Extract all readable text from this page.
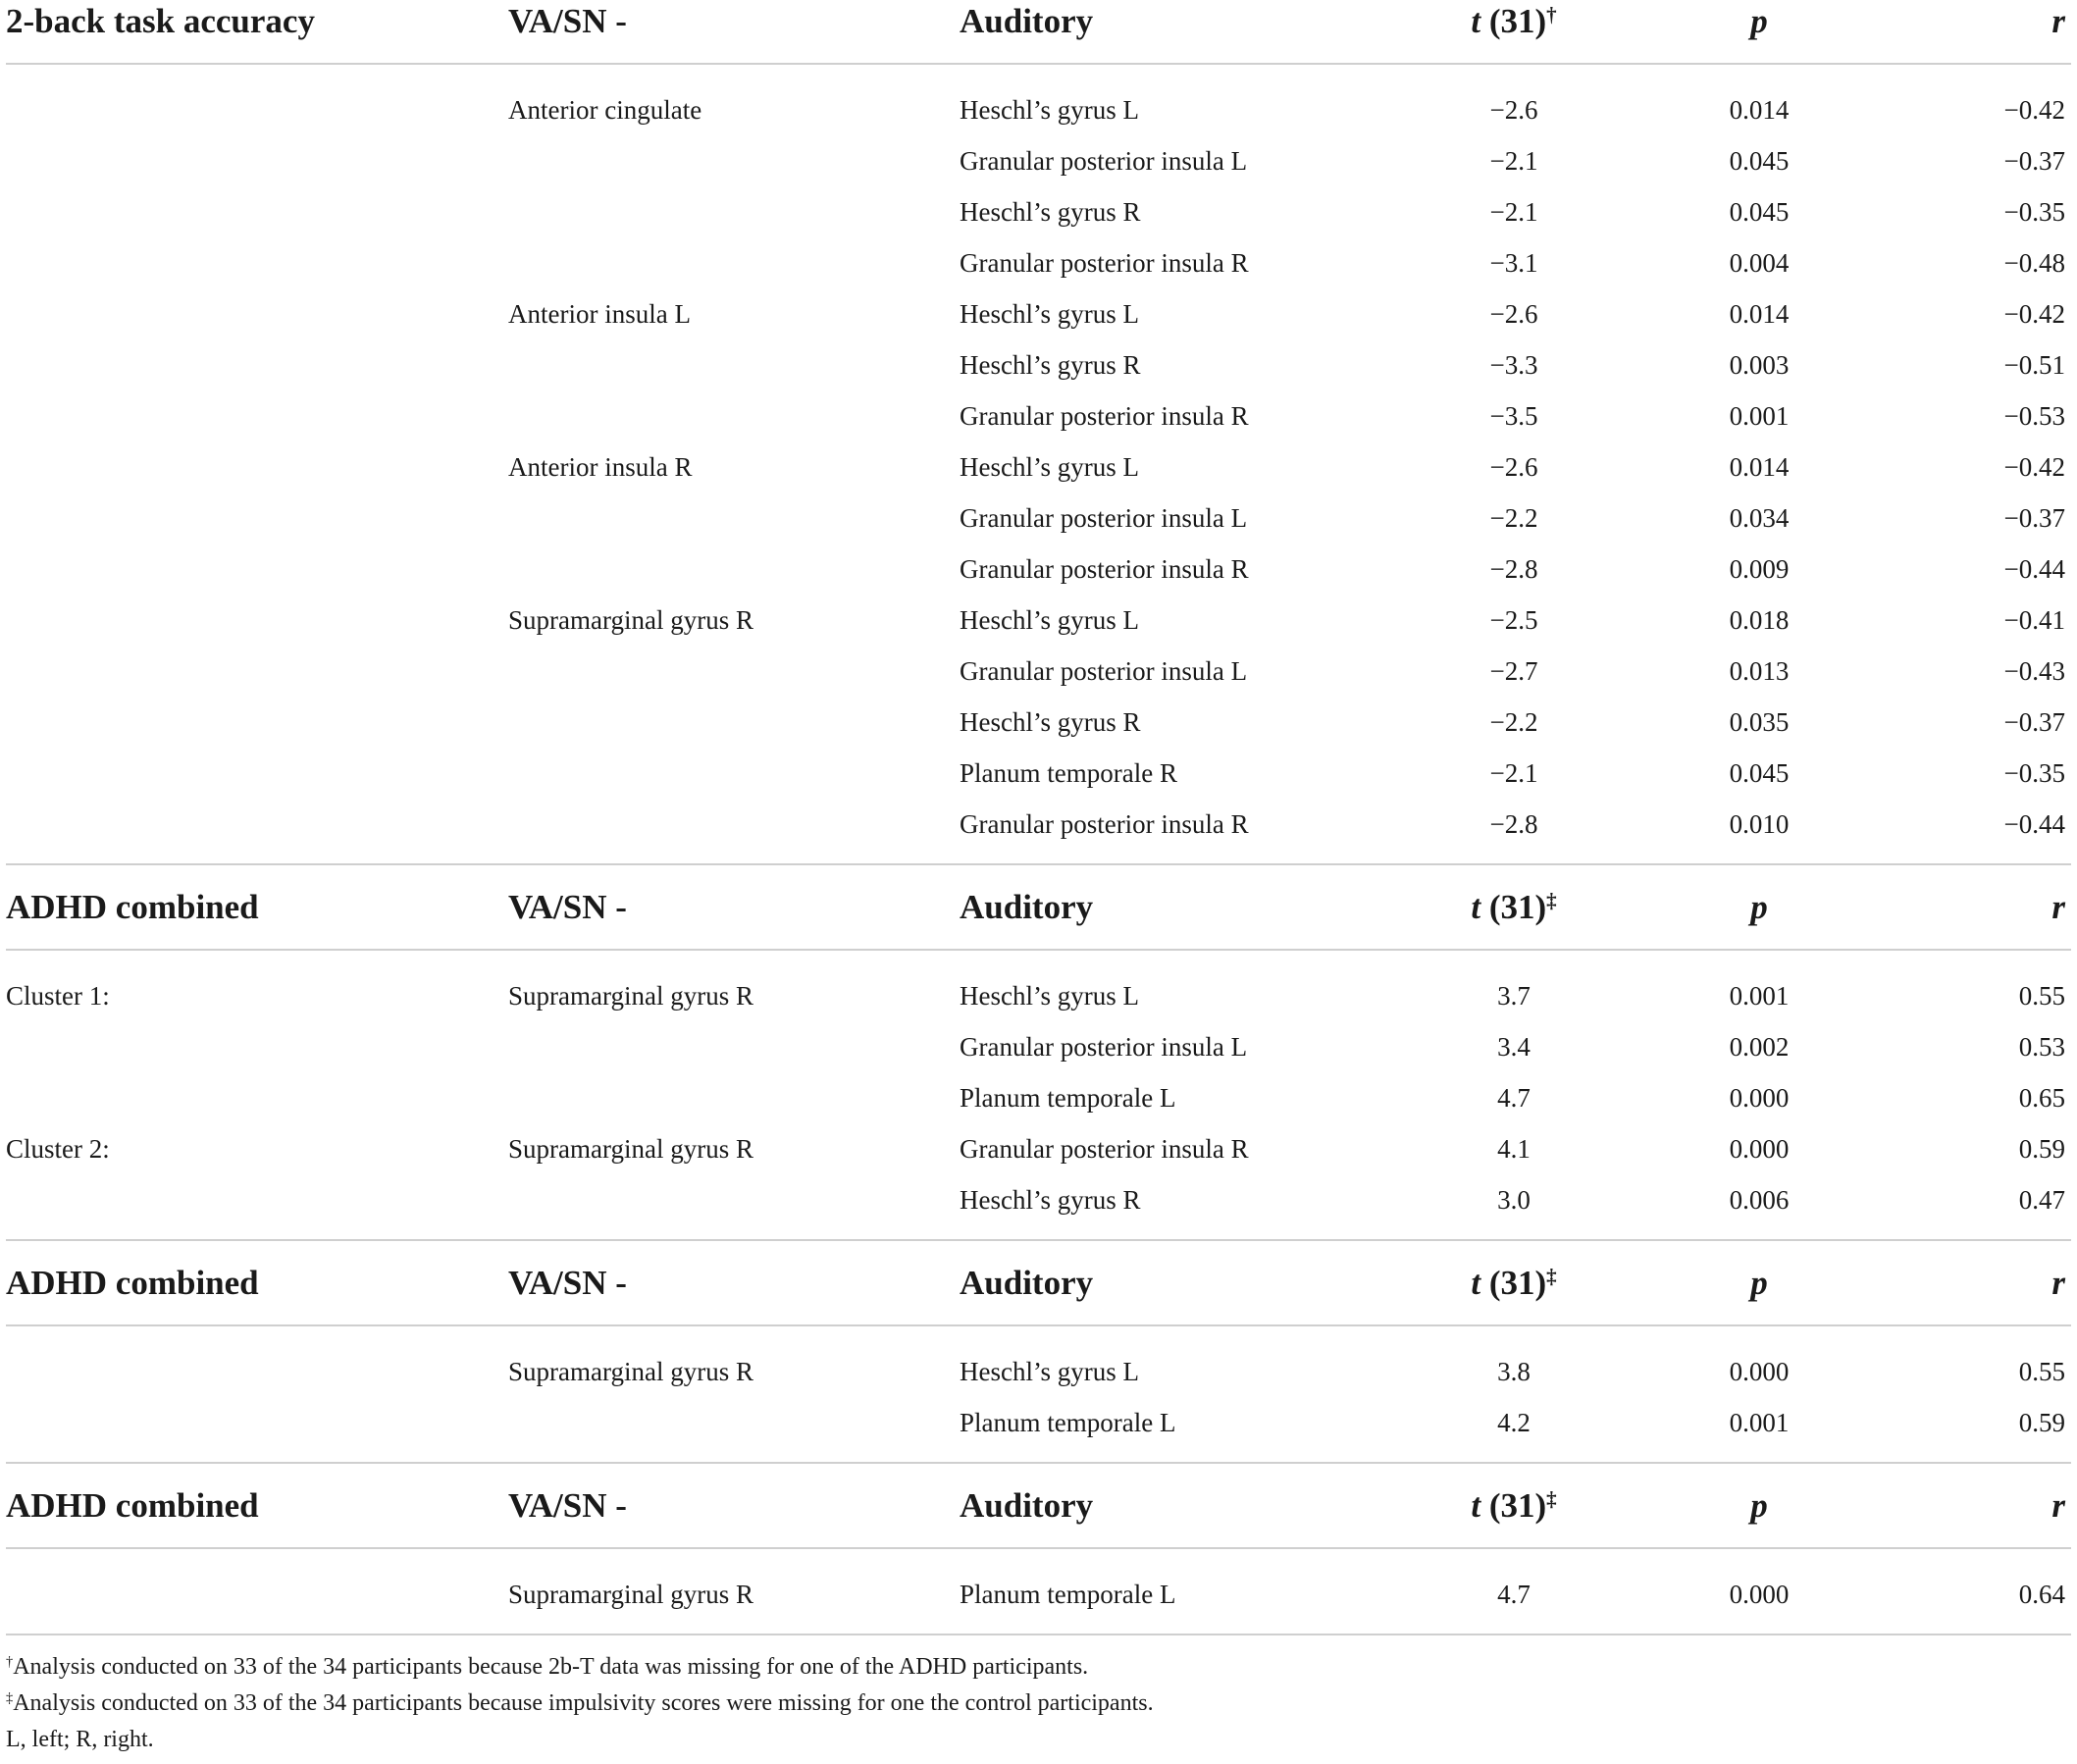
2-back task accuracy	VA/SN -	Auditory	t (31)†	p	r
	Anterior cingulate	Heschl’s gyrus L	−2.6	0.014	−0.42
		Granular posterior insula L	−2.1	0.045	−0.37
		Heschl’s gyrus R	−2.1	0.045	−0.35
		Granular posterior insula R	−3.1	0.004	−0.48
	Anterior insula L	Heschl’s gyrus L	−2.6	0.014	−0.42
		Heschl’s gyrus R	−3.3	0.003	−0.51
		Granular posterior insula R	−3.5	0.001	−0.53
	Anterior insula R	Heschl’s gyrus L	−2.6	0.014	−0.42
		Granular posterior insula L	−2.2	0.034	−0.37
		Granular posterior insula R	−2.8	0.009	−0.44
	Supramarginal gyrus R	Heschl’s gyrus L	−2.5	0.018	−0.41
		Granular posterior insula L	−2.7	0.013	−0.43
		Heschl’s gyrus R	−2.2	0.035	−0.37
		Planum temporale R	−2.1	0.045	−0.35
		Granular posterior insula R	−2.8	0.010	−0.44
ADHD combined	VA/SN -	Auditory	t (31)‡	p	r
Cluster 1:	Supramarginal gyrus R	Heschl’s gyrus L	3.7	0.001	0.55
		Granular posterior insula L	3.4	0.002	0.53
		Planum temporale L	4.7	0.000	0.65
Cluster 2:	Supramarginal gyrus R	Granular posterior insula R	4.1	0.000	0.59
		Heschl’s gyrus R	3.0	0.006	0.47
ADHD combined	VA/SN -	Auditory	t (31)‡	p	r
	Supramarginal gyrus R	Heschl’s gyrus L	3.8	0.000	0.55
		Planum temporale L	4.2	0.001	0.59
ADHD combined	VA/SN -	Auditory	t (31)‡	p	r
	Supramarginal gyrus R	Planum temporale L	4.7	0.000	0.64
†Analysis conducted on 33 of the 34 participants because 2b-T data was missing for one of the ADHD participants.
‡Analysis conducted on 33 of the 34 participants because impulsivity scores were missing for one the control participants.
L, left; R, right.
